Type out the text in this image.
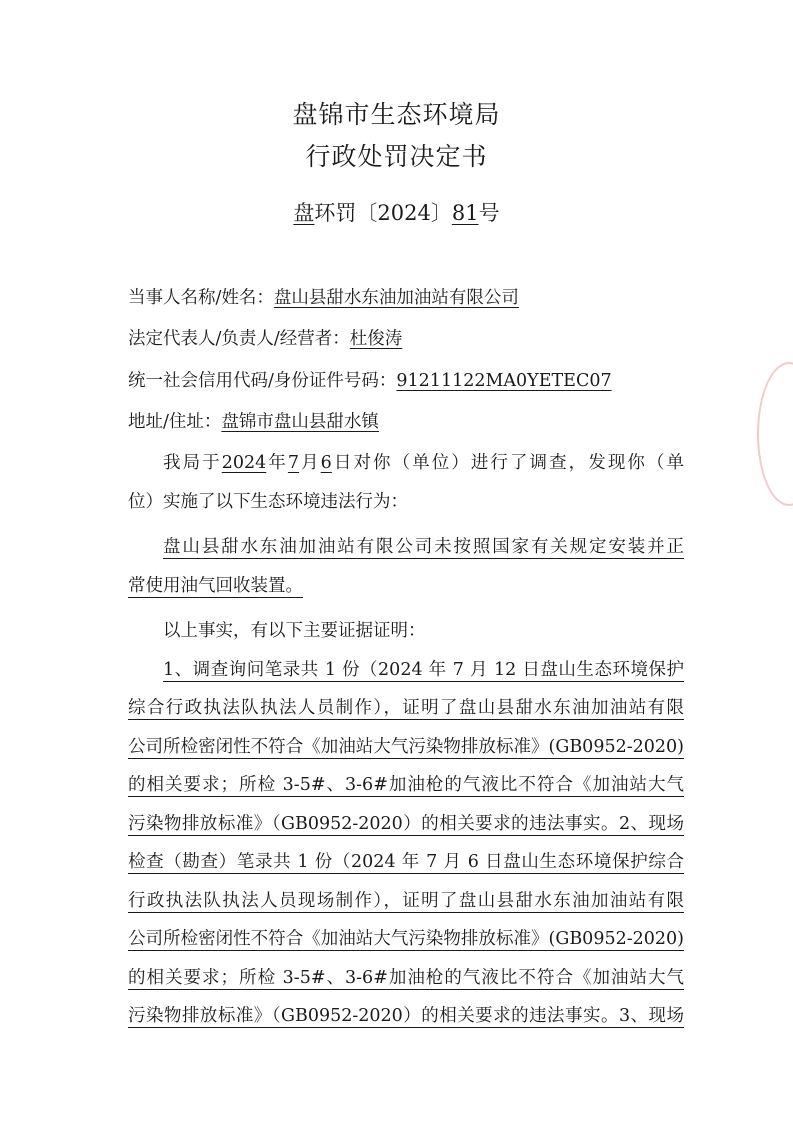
盘锦市生态环境局
行政处罚决定书
盘环罚〔2024〕81号
当事人名称/姓名：盘山县甜水东油加油站有限公司
法定代表人/负责人/经营者：杜俊涛
统一社会信用代码/身份证件号码：91211122MA0YETEC07
地址/住址：盘锦市盘山县甜水镇
我局于2024年7月6日对你（单位）进行了调查，发现你（单
位）实施了以下生态环境违法行为：
盘山县甜水东油加油站有限公司未按照国家有关规定安装并正
常使用油气回收装置。
以上事实，有以下主要证据证明：
1、调查询问笔录共 1 份（2024 年 7 月 12 日盘山生态环境保护
综合行政执法队执法人员制作），证明了盘山县甜水东油加油站有限
公司所检密闭性不符合《加油站大气污染物排放标准》(GB0952-2020)
的相关要求；所检 3-5#、3-6#加油枪的气液比不符合《加油站大气
污染物排放标准》（GB0952-2020）的相关要求的违法事实。2、现场
检查（勘查）笔录共 1 份（2024 年 7 月 6 日盘山生态环境保护综合
行政执法队执法人员现场制作），证明了盘山县甜水东油加油站有限
公司所检密闭性不符合《加油站大气污染物排放标准》(GB0952-2020)
的相关要求；所检 3-5#、3-6#加油枪的气液比不符合《加油站大气
污染物排放标准》（GB0952-2020）的相关要求的违法事实。3、现场
